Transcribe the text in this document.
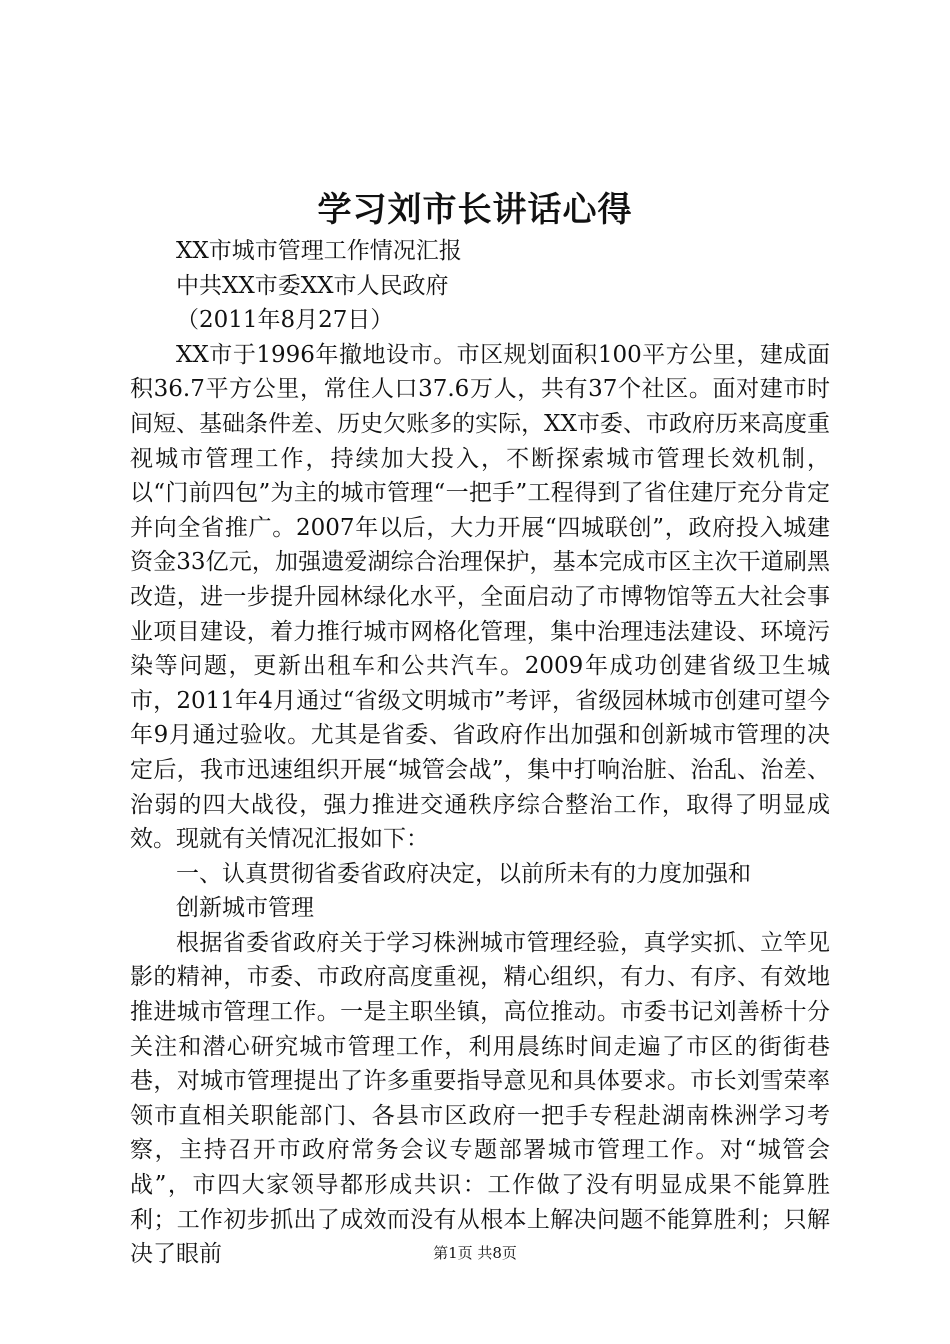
学习刘市长讲话心得

XX市城市管理工作情况汇报

中共XX市委XX市人民政府

（2011年8月27日）

XX市于1996年撤地设市。市区规划面积100平方公里，建成面积36.7平方公里，常住人口37.6万人，共有37个社区。面对建市时间短、基础条件差、历史欠账多的实际，XX市委、市政府历来高度重视城市管理工作，持续加大投入，不断探索城市管理长效机制，以“门前四包”为主的城市管理“一把手”工程得到了省住建厅充分肯定并向全省推广。2007年以后，大力开展“四城联创”，政府投入城建资金33亿元，加强遗爱湖综合治理保护，基本完成市区主次干道刷黑改造，进一步提升园林绿化水平，全面启动了市博物馆等五大社会事业项目建设，着力推行城市网格化管理，集中治理违法建设、环境污染等问题，更新出租车和公共汽车。2009年成功创建省级卫生城市，2011年4月通过“省级文明城市”考评，省级园林城市创建可望今年9月通过验收。尤其是省委、省政府作出加强和创新城市管理的决定后，我市迅速组织开展“城管会战”，集中打响治脏、治乱、治差、治弱的四大战役，强力推进交通秩序综合整治工作，取得了明显成效。现就有关情况汇报如下：

一、认真贯彻省委省政府决定，以前所未有的力度加强和

创新城市管理

根据省委省政府关于学习株洲城市管理经验，真学实抓、立竿见影的精神，市委、市政府高度重视，精心组织，有力、有序、有效地推进城市管理工作。一是主职坐镇，高位推动。市委书记刘善桥十分关注和潜心研究城市管理工作，利用晨练时间走遍了市区的街街巷巷，对城市管理提出了许多重要指导意见和具体要求。市长刘雪荣率领市直相关职能部门、各县市区政府一把手专程赴湖南株洲学习考察，主持召开市政府常务会议专题部署城市管理工作。对“城管会战”，市四大家领导都形成共识：工作做了没有明显成果不能算胜利；工作初步抓出了成效而没有从根本上解决问题不能算胜利；只解决了眼前	第1页 共8页
